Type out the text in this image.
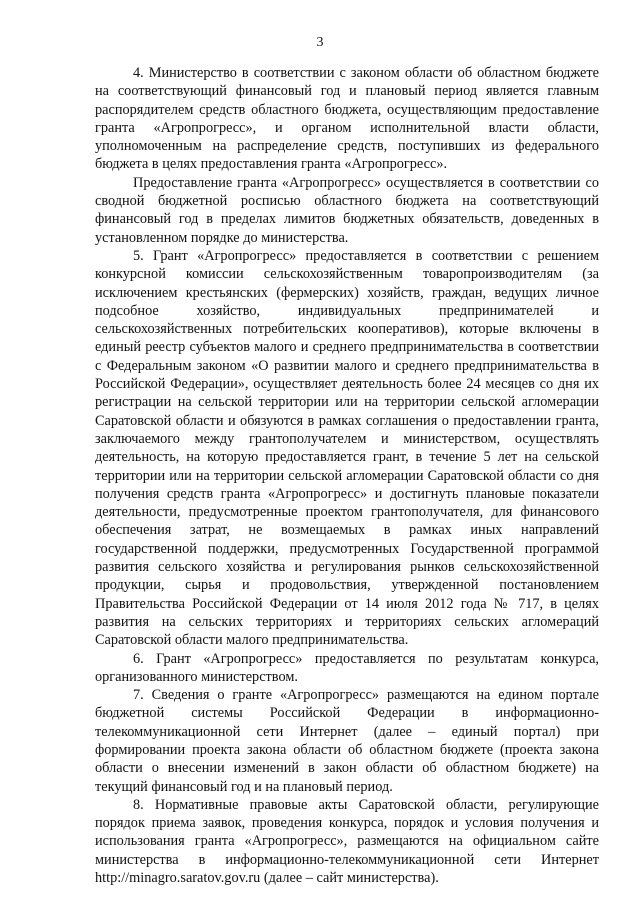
3

4. Министерство в соответствии с законом области об областном бюджете на соответствующий финансовый год и плановый период является главным распорядителем средств областного бюджета, осуществляющим предоставление гранта «Агропрогресс», и органом исполнительной власти области, уполномоченным на распределение средств, поступивших из федерального бюджета в целях предоставления гранта «Агропрогресс».

Предоставление гранта «Агропрогресс» осуществляется в соответствии со сводной бюджетной росписью областного бюджета на соответствующий финансовый год в пределах лимитов бюджетных обязательств, доведенных в установленном порядке до министерства.

5. Грант «Агропрогресс» предоставляется в соответствии с решением конкурсной комиссии сельскохозяйственным товаропроизводителям (за исключением крестьянских (фермерских) хозяйств, граждан, ведущих личное подсобное хозяйство, индивидуальных предпринимателей и сельскохозяйственных потребительских кооперативов), которые включены в единый реестр субъектов малого и среднего предпринимательства в соответствии с Федеральным законом «О развитии малого и среднего предпринимательства в Российской Федерации», осуществляет деятельность более 24 месяцев со дня их регистрации на сельской территории или на территории сельской агломерации Саратовской области и обязуются в рамках соглашения о предоставлении гранта, заключаемого между грантополучателем и министерством, осуществлять деятельность, на которую предоставляется грант, в течение 5 лет на сельской территории или на территории сельской агломерации Саратовской области со дня получения средств гранта «Агропрогресс» и достигнуть плановые показатели деятельности, предусмотренные проектом грантополучателя, для финансового обеспечения затрат, не возмещаемых в рамках иных направлений государственной поддержки, предусмотренных Государственной программой развития сельского хозяйства и регулирования рынков сельскохозяйственной продукции, сырья и продовольствия, утвержденной постановлением Правительства Российской Федерации от 14 июля 2012 года № 717, в целях развития на сельских территориях и территориях сельских агломераций Саратовской области малого предпринимательства.

6. Грант «Агропрогресс» предоставляется по результатам конкурса, организованного министерством.

7. Сведения о гранте «Агропрогресс» размещаются на едином портале бюджетной системы Российской Федерации в информационно-телекоммуникационной сети Интернет (далее – единый портал) при формировании проекта закона области об областном бюджете (проекта закона области о внесении изменений в закон области об областном бюджете) на текущий финансовый год и на плановый период.

8. Нормативные правовые акты Саратовской области, регулирующие порядок приема заявок, проведения конкурса, порядок и условия получения и использования гранта «Агропрогресс», размещаются на официальном сайте министерства в информационно-телекоммуникационной сети Интернет http://minagro.saratov.gov.ru (далее – сайт министерства).
